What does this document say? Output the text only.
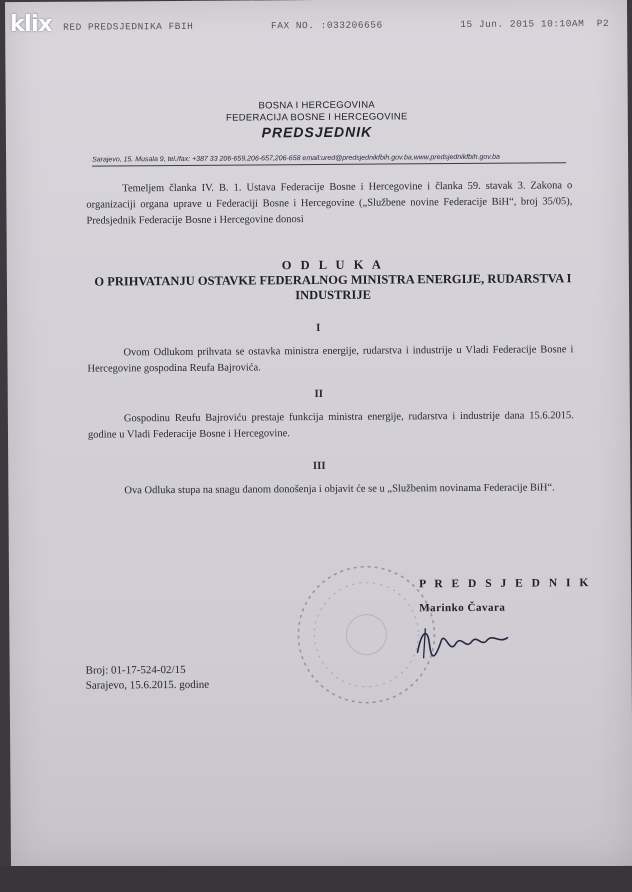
RED PREDSJEDNIKA FBIH	FAX NO. :033206656	15 Jun. 2015 10:10AM P2
BOSNA I HERCEGOVINA
FEDERACIJA BOSNE I HERCEGOVINE
PREDSJEDNIK
Sarajevo, 15. Musala 9, tel./fax: +387 33 206-659,206-657,206-658 email:ured@predsjednikfbih.gov.ba,www.predsjednikfbih.gov.ba
Temeljem članka IV. B. 1. Ustava Federacije Bosne i Hercegovine i članka 59. stavak 3. Zakona o organizaciji organa uprave u Federaciji Bosne i Hercegovine („Službene novine Federacije BiH“, broj 35/05), Predsjednik Federacije Bosne i Hercegovine donosi
O D L U K A
O PRIHVATANJU OSTAVKE FEDERALNOG MINISTRA ENERGIJE, RUDARSTVA I INDUSTRIJE
I
Ovom Odlukom prihvata se ostavka ministra energije, rudarstva i industrije u Vladi Federacije Bosne i Hercegovine gospodina Reufa Bajrovića.
II
Gospodinu Reufu Bajroviću prestaje funkcija ministra energije, rudarstva i industrije dana 15.6.2015. godine u Vladi Federacije Bosne i Hercegovine.
III
Ova Odluka stupa na snagu danom donošenja i objavit će se u „Službenim novinama Federacije BiH“.
P R E D S J E D N I K
Marinko Čavara
Broj: 01-17-524-02/15
Sarajevo, 15.6.2015. godine
klix
